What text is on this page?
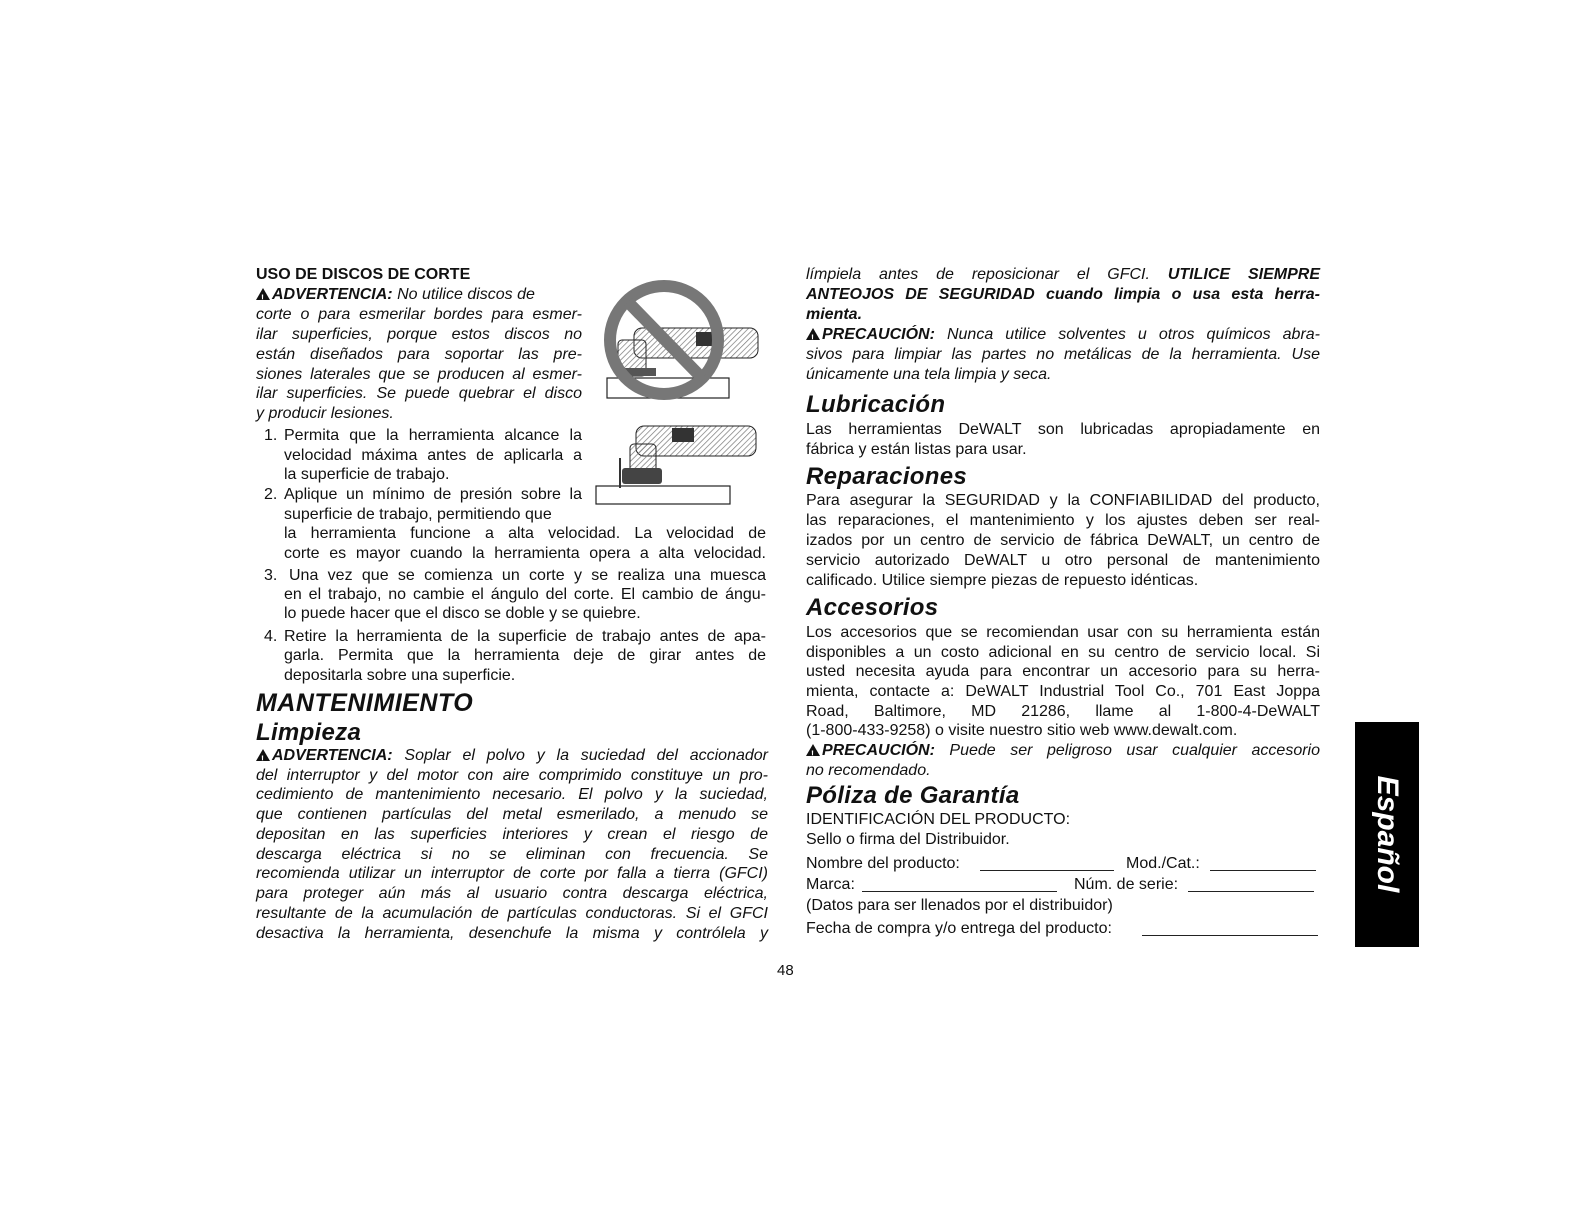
USO DE DISCOS DE CORTE
!ADVERTENCIA: No utilice discos de
corte o para esmerilar bordes para esmer-
ilar superficies, porque estos discos no
están diseñados para soportar las pre-
siones laterales que se producen al esmer-
ilar superficies. Se puede quebrar el disco
y producir lesiones.
1. Permita que la herramienta alcance la
velocidad máxima antes de aplicarla a
la superficie de trabajo.
2. Aplique un mínimo de presión sobre la
superficie de trabajo, permitiendo que
la herramienta funcione a alta velocidad. La velocidad de
corte es mayor cuando la herramienta opera a alta velocidad.
3. Una vez que se comienza un corte y se realiza una muesca
en el trabajo, no cambie el ángulo del corte. El cambio de ángu-
lo puede hacer que el disco se doble y se quiebre.
4. Retire la herramienta de la superficie de trabajo antes de apa-
garla. Permita que la herramienta deje de girar antes de
depositarla sobre una superficie.
MANTENIMIENTO
Limpieza
!ADVERTENCIA: Soplar el polvo y la suciedad del accionador
del interruptor y del motor con aire comprimido constituye un pro-
cedimiento de mantenimiento necesario. El polvo y la suciedad,
que contienen partículas del metal esmerilado, a menudo se
depositan en las superficies interiores y crean el riesgo de
descarga eléctrica si no se eliminan con frecuencia. Se
recomienda utilizar un interruptor de corte por falla a tierra (GFCI)
para proteger aún más al usuario contra descarga eléctrica,
resultante de la acumulación de partículas conductoras. Si el GFCI
desactiva la herramienta, desenchufe la misma y contrólela y
límpiela antes de reposicionar el GFCI. UTILICE SIEMPRE
ANTEOJOS DE SEGURIDAD cuando limpia o usa esta herra-
mienta.
!PRECAUCIÓN: Nunca utilice solventes u otros químicos abra-
sivos para limpiar las partes no metálicas de la herramienta. Use
únicamente una tela limpia y seca.
Lubricación
Las herramientas DeWALT son lubricadas apropiadamente en
fábrica y están listas para usar.
Reparaciones
Para asegurar la SEGURIDAD y la CONFIABILIDAD del producto,
las reparaciones, el mantenimiento y los ajustes deben ser real-
izados por un centro de servicio de fábrica DeWALT, un centro de
servicio autorizado DeWALT u otro personal de mantenimiento
calificado. Utilice siempre piezas de repuesto idénticas.
Accesorios
Los accesorios que se recomiendan usar con su herramienta están
disponibles a un costo adicional en su centro de servicio local. Si
usted necesita ayuda para encontrar un accesorio para su herra-
mienta, contacte a: DeWALT Industrial Tool Co., 701 East Joppa
Road, Baltimore, MD 21286, llame al 1-800-4-DeWALT
(1-800-433-9258) o visite nuestro sitio web www.dewalt.com.
!PRECAUCIÓN: Puede ser peligroso usar cualquier accesorio
no recomendado.
Póliza de Garantía
IDENTIFICACIÓN DEL PRODUCTO:
Sello o firma del Distribuidor.
Nombre del producto:	Mod./Cat.:
Marca:	Núm. de serie:
(Datos para ser llenados por el distribuidor)
Fecha de compra y/o entrega del producto:
48
Español
